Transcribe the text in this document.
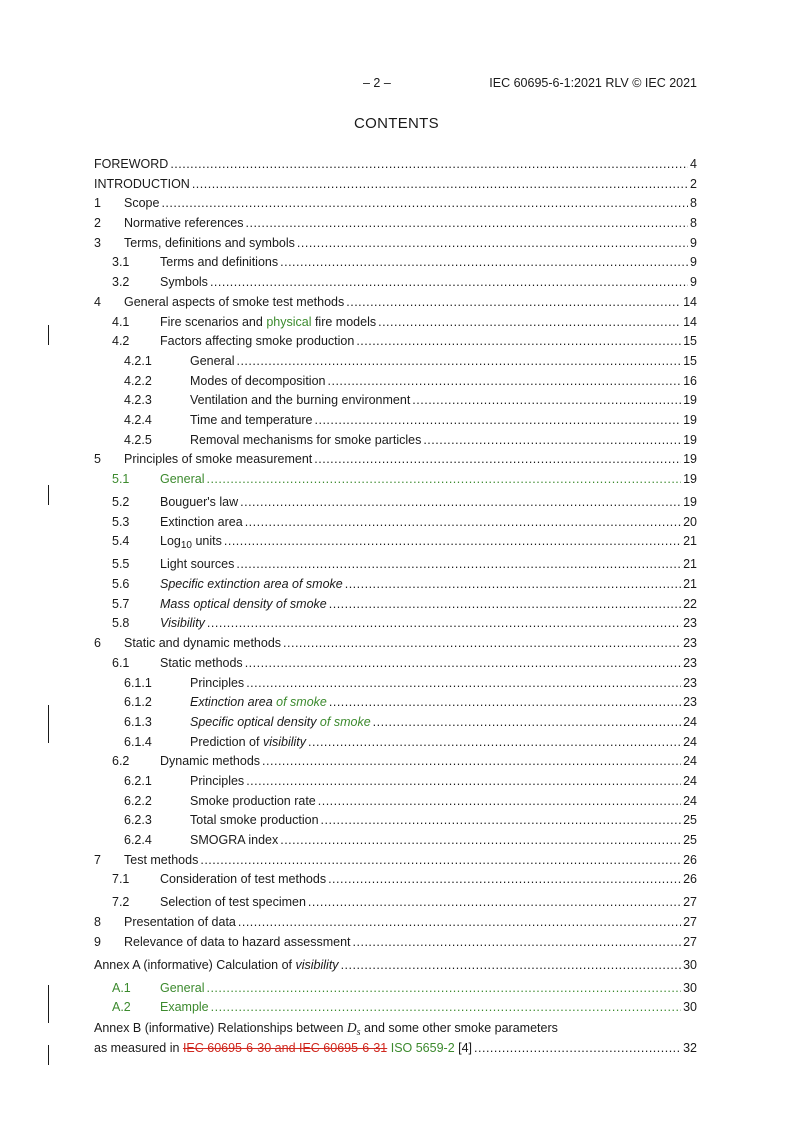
– 2 –	IEC 60695-6-1:2021 RLV © IEC 2021
CONTENTS
FOREWORD .....	4
INTRODUCTION .....	2
1	Scope .....	8
2	Normative references .....	8
3	Terms, definitions and symbols .....	9
3.1	Terms and definitions .....	9
3.2	Symbols .....	9
4	General aspects of smoke test methods .....	14
4.1	Fire scenarios and physical fire models .....	14
4.2	Factors affecting smoke production .....	15
4.2.1	General .....	15
4.2.2	Modes of decomposition .....	16
4.2.3	Ventilation and the burning environment .....	19
4.2.4	Time and temperature .....	19
4.2.5	Removal mechanisms for smoke particles .....	19
5	Principles of smoke measurement .....	19
5.1	General .....	19
5.2	Bouguer's law .....	19
5.3	Extinction area .....	20
5.4	Log$_{10}$ units .....	21
5.5	Light sources .....	21
5.6	Specific extinction area of smoke .....	21
5.7	Mass optical density of smoke .....	22
5.8	Visibility .....	23
6	Static and dynamic methods .....	23
6.1	Static methods .....	23
6.1.1	Principles .....	23
6.1.2	Extinction area of smoke .....	23
6.1.3	Specific optical density of smoke .....	24
6.1.4	Prediction of visibility .....	24
6.2	Dynamic methods .....	24
6.2.1	Principles .....	24
6.2.2	Smoke production rate .....	24
6.2.3	Total smoke production .....	25
6.2.4	SMOGRA index .....	25
7	Test methods .....	26
7.1	Consideration of test methods .....	26
7.2	Selection of test specimen .....	27
8	Presentation of data .....	27
9	Relevance of data to hazard assessment .....	27
Annex A (informative) Calculation of visibility .....	30
A.1	General .....	30
A.2	Example .....	30
Annex B (informative) Relationships between $D_s$ and some other smoke parameters
as measured in IEC 60695-6-30 and IEC 60695-6-31 ISO 5659-2 [4] .....	32
